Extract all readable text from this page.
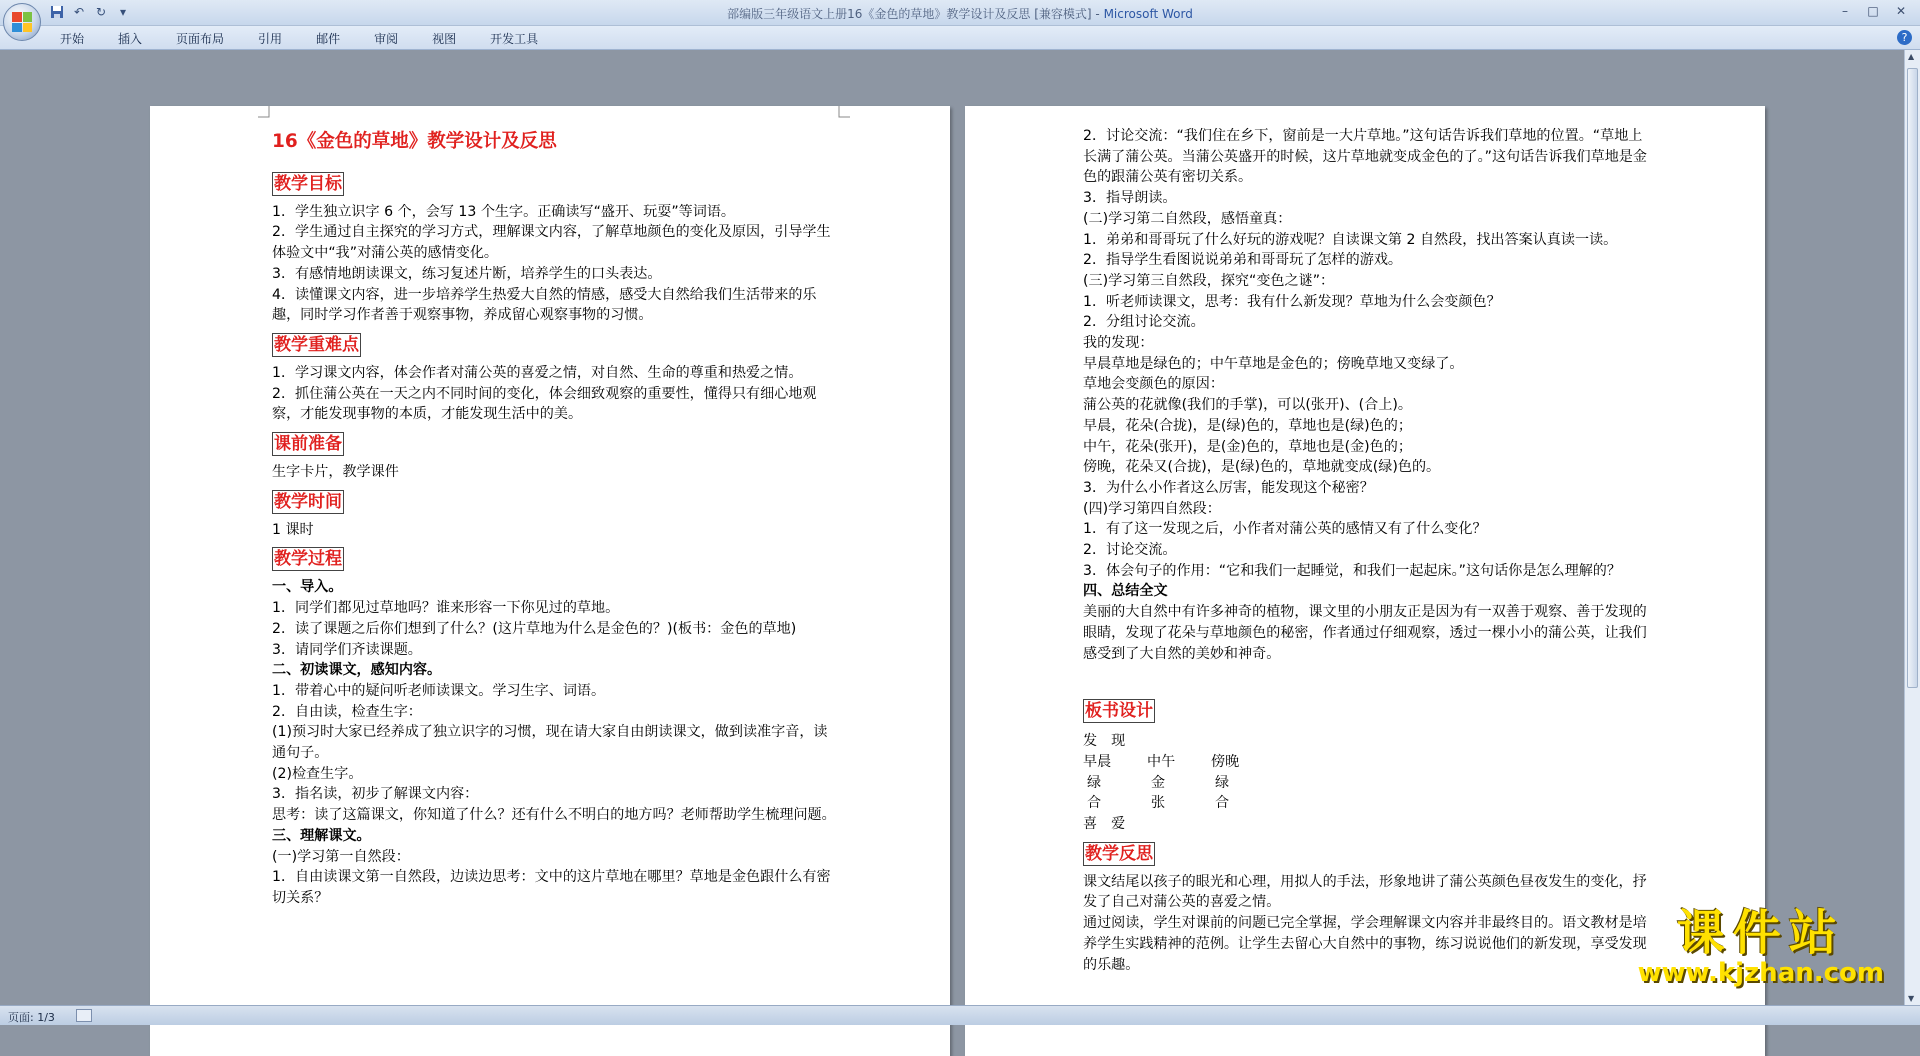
↶ ↻	▾	部编版三年级语文上册16《金色的草地》教学设计及反思 [兼容模式] - Microsoft Word	–	□	✕
开始	插入	页面布局	引用	邮件	审阅	视图	开发工具	?

16《金色的草地》教学设计及反思

教学目标

1．学生独立识字 6 个，会写 13 个生字。正确读写“盛开、玩耍”等词语。

2．学生通过自主探究的学习方式，理解课文内容，了解草地颜色的变化及原因，引导学生体验文中“我”对蒲公英的感情变化。

3．有感情地朗读课文，练习复述片断，培养学生的口头表达。

4．读懂课文内容，进一步培养学生热爱大自然的情感，感受大自然给我们生活带来的乐趣，同时学习作者善于观察事物，养成留心观察事物的习惯。

教学重难点

1．学习课文内容，体会作者对蒲公英的喜爱之情，对自然、生命的尊重和热爱之情。

2．抓住蒲公英在一天之内不同时间的变化，体会细致观察的重要性，懂得只有细心地观察，才能发现事物的本质，才能发现生活中的美。

课前准备

生字卡片，教学课件

教学时间

1 课时

教学过程

一、导入。

1．同学们都见过草地吗？谁来形容一下你见过的草地。

2．读了课题之后你们想到了什么？(这片草地为什么是金色的？)(板书：金色的草地)

3．请同学们齐读课题。

二、初读课文，感知内容。

1．带着心中的疑问听老师读课文。学习生字、词语。

2．自由读，检查生字：

(1)预习时大家已经养成了独立识字的习惯，现在请大家自由朗读课文，做到读准字音，读通句子。

(2)检查生字。

3．指名读，初步了解课文内容：

思考：读了这篇课文，你知道了什么？还有什么不明白的地方吗？老师帮助学生梳理问题。

三、理解课文。

(一)学习第一自然段：

1．自由读课文第一自然段，边读边思考：文中的这片草地在哪里？草地是金色跟什么有密切关系？

2．讨论交流：“我们住在乡下，窗前是一大片草地。”这句话告诉我们草地的位置。“草地上长满了蒲公英。当蒲公英盛开的时候，这片草地就变成金色的了。”这句话告诉我们草地是金色的跟蒲公英有密切关系。

3．指导朗读。

(二)学习第二自然段，感悟童真：

1．弟弟和哥哥玩了什么好玩的游戏呢？自读课文第 2 自然段，找出答案认真读一读。

2．指导学生看图说说弟弟和哥哥玩了怎样的游戏。

(三)学习第三自然段，探究“变色之谜”：

1．听老师读课文，思考：我有什么新发现？草地为什么会变颜色？

2．分组讨论交流。

我的发现：

早晨草地是绿色的；中午草地是金色的；傍晚草地又变绿了。

草地会变颜色的原因：

蒲公英的花就像(我们的手掌)，可以(张开)、(合上)。

早晨，花朵(合拢)，是(绿)色的，草地也是(绿)色的；

中午，花朵(张开)，是(金)色的，草地也是(金)色的；

傍晚，花朵又(合拢)，是(绿)色的，草地就变成(绿)色的。

3．为什么小作者这么厉害，能发现这个秘密？

(四)学习第四自然段：

1．有了这一发现之后，小作者对蒲公英的感情又有了什么变化？

2．讨论交流。

3．体会句子的作用：“它和我们一起睡觉，和我们一起起床。”这句话你是怎么理解的？

四、总结全文

美丽的大自然中有许多神奇的植物，课文里的小朋友正是因为有一双善于观察、善于发现的眼睛，发现了花朵与草地颜色的秘密，作者通过仔细观察，透过一棵小小的蒲公英，让我们感受到了大自然的美妙和神奇。

板书设计
发　现
早晨	中午	傍晚
绿	金	绿
合	张	合
喜　爱
教学反思

课文结尾以孩子的眼光和心理，用拟人的手法，形象地讲了蒲公英颜色昼夜发生的变化，抒发了自己对蒲公英的喜爱之情。

通过阅读，学生对课前的问题已完全掌握，学会理解课文内容并非最终目的。语文教材是培养学生实践精神的范例。让学生去留心大自然中的事物，练习说说他们的新发现，享受发现的乐趣。

课件站
www.kjzhan.com
▲
▼
页面: 1/3
